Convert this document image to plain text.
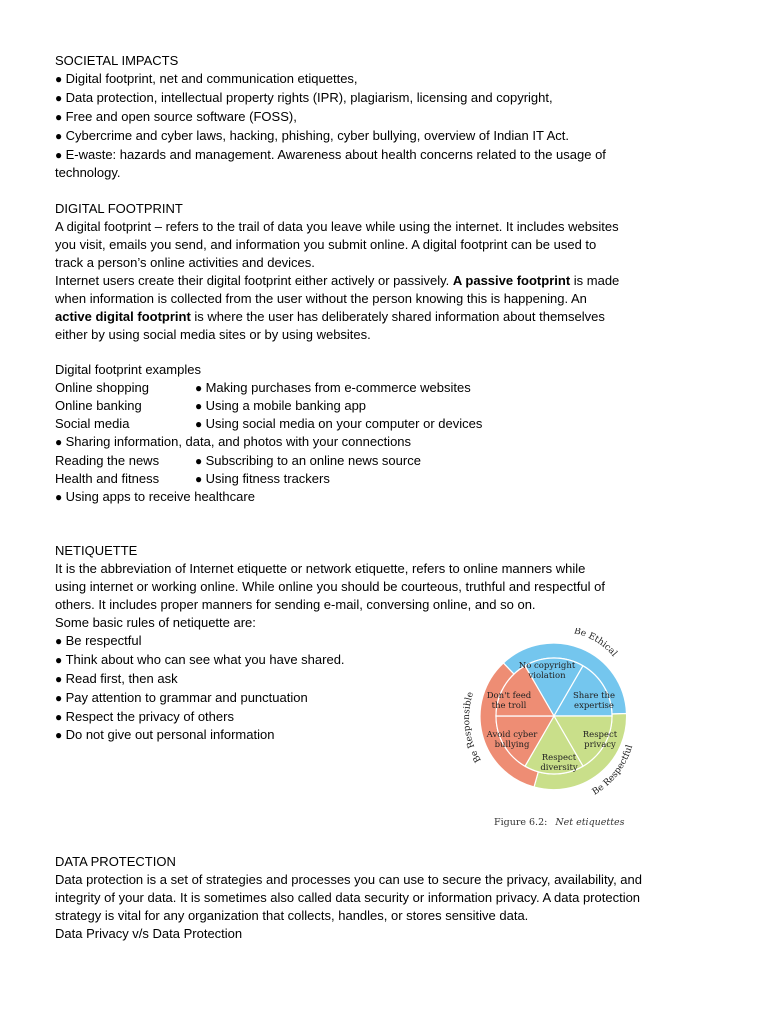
SOCIETAL IMPACTS
● Digital footprint, net and communication etiquettes,
● Data protection, intellectual property rights (IPR), plagiarism, licensing and copyright,
● Free and open source software (FOSS),
● Cybercrime and cyber laws, hacking, phishing, cyber bullying, overview of Indian IT Act.
● E-waste: hazards and management. Awareness about health concerns related to the usage of
technology.
DIGITAL FOOTPRINT
A digital footprint – refers to the trail of data you leave while using the internet. It includes websites
you visit, emails you send, and information you submit online. A digital footprint can be used to
track a person’s online activities and devices.
Internet users create their digital footprint either actively or passively. A passive footprint is made
when information is collected from the user without the person knowing this is happening. An
active digital footprint is where the user has deliberately shared information about themselves
either by using social media sites or by using websites.
Digital footprint examples
Online shopping	● Making purchases from e-commerce websites
Online banking	● Using a mobile banking app
Social media	● Using social media on your computer or devices
● Sharing information, data, and photos with your connections
Reading the news	● Subscribing to an online news source
Health and fitness	● Using fitness trackers
● Using apps to receive healthcare
NETIQUETTE
It is the abbreviation of Internet etiquette or network etiquette, refers to online manners while
using internet or working online. While online you should be courteous, truthful and respectful of
others. It includes proper manners for sending e-mail, conversing online, and so on.
Some basic rules of netiquette are:
● Be respectful
● Think about who can see what you have shared.
● Read first, then ask
● Pay attention to grammar and punctuation
● Respect the privacy of others
● Do not give out personal information
Be Ethical
Be Responsible
Be Respectful
No copyright
violation
Share the
expertise
Respect
privacy
Respect
diversity
Avoid cyber
bullying
Don't feed
the troll
Figure 6.2: Net etiquettes
DATA PROTECTION
Data protection is a set of strategies and processes you can use to secure the privacy, availability, and
integrity of your data. It is sometimes also called data security or information privacy. A data protection
strategy is vital for any organization that collects, handles, or stores sensitive data.
Data Privacy v/s Data Protection
